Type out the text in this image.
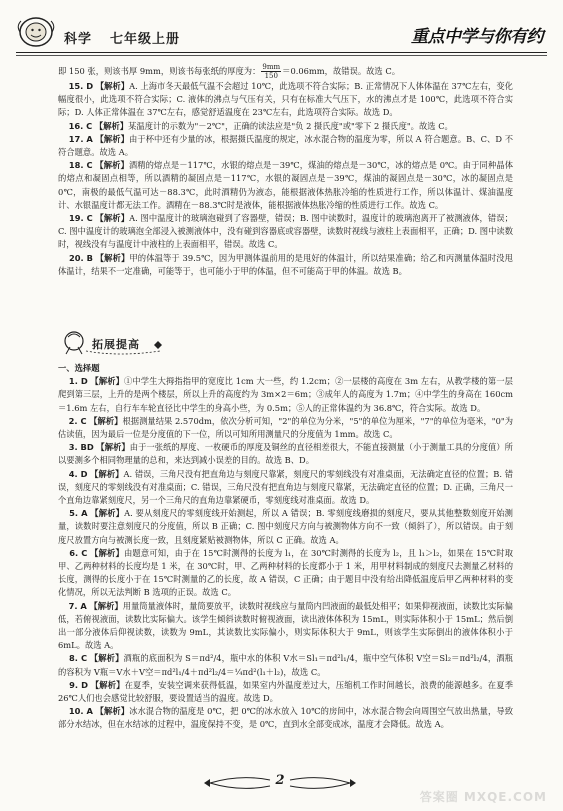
科学 七年级上册	重点中学与你有约

即 150 张，则该书厚 9mm，则该书每张纸的厚度为： $\frac{9mm}{150} =0.06mm$，故错误。故选 C。

15. D 【解析】A. 上海市冬天最低气温不会超过 10℃，此选项不符合实际；B. 正常情况下人体体温在 37℃左右，变化幅度很小，此选项不符合实际；C. 液体的沸点与气压有关，只有在标准大气压下，水的沸点才是 100℃，此选项不符合实际；D. 人体正常体温在 37℃左右，感觉舒适温度在 23℃左右，此选项符合实际。故选 D。

16. C 【解析】某温度计的示数为"－2℃"，正确的读法应是"负 2 摄氏度"或"零下 2 摄氏度"。故选 C。

17. A 【解析】由于杯中还有少量的冰，根据摄氏温度的规定，冰水混合物的温度为零，所以 A 符合题意。B、C、D 不符合题意。故选 A。

18. C 【解析】酒精的熔点是－117℃，水银的熔点是－39℃，煤油的熔点是－30℃，冰的熔点是 0℃。由于同种晶体的熔点和凝固点相等，所以酒精的凝固点是－117℃，水银的凝固点是－39℃，煤油的凝固点是－30℃，冰的凝固点是 0℃，南极的最低气温可达－88.3℃，此时酒精仍为液态，能根据液体热胀冷缩的性质进行工作，所以体温计、煤油温度计、水银温度计都无法工作。酒精在－88.3℃时是液体，能根据液体热胀冷缩的性质进行工作。故选 C。

19. C 【解析】A. 图中温度计的玻璃泡碰到了容器壁，错误；B. 图中读数时，温度计的玻璃泡离开了被测液体，错误；C. 图中温度计的玻璃泡全部浸入被测液体中，没有碰到容器底或容器壁，读数时视线与液柱上表面相平，正确；D. 图中读数时，视线没有与温度计中液柱的上表面相平，错误。故选 C。

20. B 【解析】甲的体温等于 39.5℃，因为甲测体温前用的是甩好的体温计，所以结果准确；给乙和丙测量体温时没甩体温计，结果不一定准确，可能等于，也可能小于甲的体温，但不可能高于甲的体温。故选 B。

拓展提高

一、选择题

1. D 【解析】①中学生大拇指指甲的宽度比 1cm 大一些，约 1.2cm；②一层楼的高度在 3m 左右，从教学楼的第一层爬到第三层，上升的是两个楼层，所以上升的高度约为 3m×2＝6m；③成年人的高度为 1.7m；④中学生的身高在 160cm＝1.6m 左右，自行车车轮直径比中学生的身高小些，为 0.5m；⑤人的正常体温约为 36.8℃，符合实际。故选 D。

2. C 【解析】根据测量结果 2.570dm，依次分析可知，"2"的单位为分米，"5"的单位为厘米，"7"的单位为毫米，"0"为估读值，因为最后一位是分度值的下一位，所以可知所用测量尺的分度值为 1mm。故选 C。

3. BD 【解析】由于一张纸的厚度、一枚硬币的厚度及铜丝的直径相差很大，不能直接测量（小于测量工具的分度值）所以要测多个相同物理量的总和，来达到减小误差的目的。故选 B、D。

4. D 【解析】A. 错误，三角尺没有把直角边与刻度尺靠紧，刻度尺的零刻线没有对准桌面，无法确定直径的位置；B. 错误，刻度尺的零刻线没有对准桌面；C. 错误，三角尺没有把直角边与刻度尺靠紧，无法确定直径的位置；D. 正确，三角尺一个直角边靠紧刻度尺，另一个三角尺的直角边靠紧硬币，零刻度线对准桌面。故选 D。

5. A 【解析】A. 要从刻度尺的零刻度线开始测起，所以 A 错误；B. 零刻度线磨损的刻度尺，要从其他整数刻度开始测量，读数时要注意刻度尺的分度值，所以 B 正确；C. 图中刻度尺方向与被测物体方向不一致（倾斜了），所以错误。由于刻度尺放置方向与被测长度一致，且刻度紧贴被测物体，所以 C 正确。故选 A。

6. C 【解析】由题意可知，由于在 15℃时测得的长度为 l₁，在 30℃时测得的长度为 l₂，且 l₁＞l₂，如果在 15℃时取甲、乙两种材料的长度均是 1 米，在 30℃时，甲、乙两种材料的长度都小于 1 米，用甲材料制成的刻度尺去测量乙材料的长度，测得的长度小于在 15℃时测量的乙的长度，故 A 错误，C 正确；由于题目中没有给出降低温度后甲乙两种材料的变化情况，所以无法判断 B 选项的正误。故选 C。

7. A 【解析】用量筒量液体时，量筒要放平，读数时视线应与量筒内凹液面的最低处相平；如果仰视液面，读数比实际偏低，若俯视液面，读数比实际偏大。该学生倾斜读数时俯视液面，读出液体体积为 15mL，则实际体积小于 15mL；然后倒出一部分液体后仰视读数，读数为 9mL，其读数比实际偏小，则实际体积大于 9mL，则该学生实际倒出的液体体积小于 6mL。故选 A。

8. C 【解析】酒瓶的底面积为 S＝πd²/4，瓶中水的体积 V水＝Sl₁＝πd²l₁/4，瓶中空气体积 V空＝Sl₂＝πd²l₂/4，酒瓶的容积为 V瓶＝V水＋V空＝πd²l₁/4＋πd²l₂/4＝¼πd²(l₁＋l₂)，故选 C。

9. D 【解析】在夏季，安装空调来获得低温，如果室内外温度差过大，压缩机工作时间越长，浪费的能源越多。在夏季 26℃人们也会感觉比较舒服，要设置适当的温度。故选 D。

10. A 【解析】冰水混合物的温度是 0℃，把 0℃的冰水放入 10℃的房间中，冰水混合物会向周围空气放出热量，导致部分水结冰，但在水结冰的过程中，温度保持不变，是 0℃，直到水全部变成冰，温度才会降低。故选 A。

2
答案圈 MXQE.COM
